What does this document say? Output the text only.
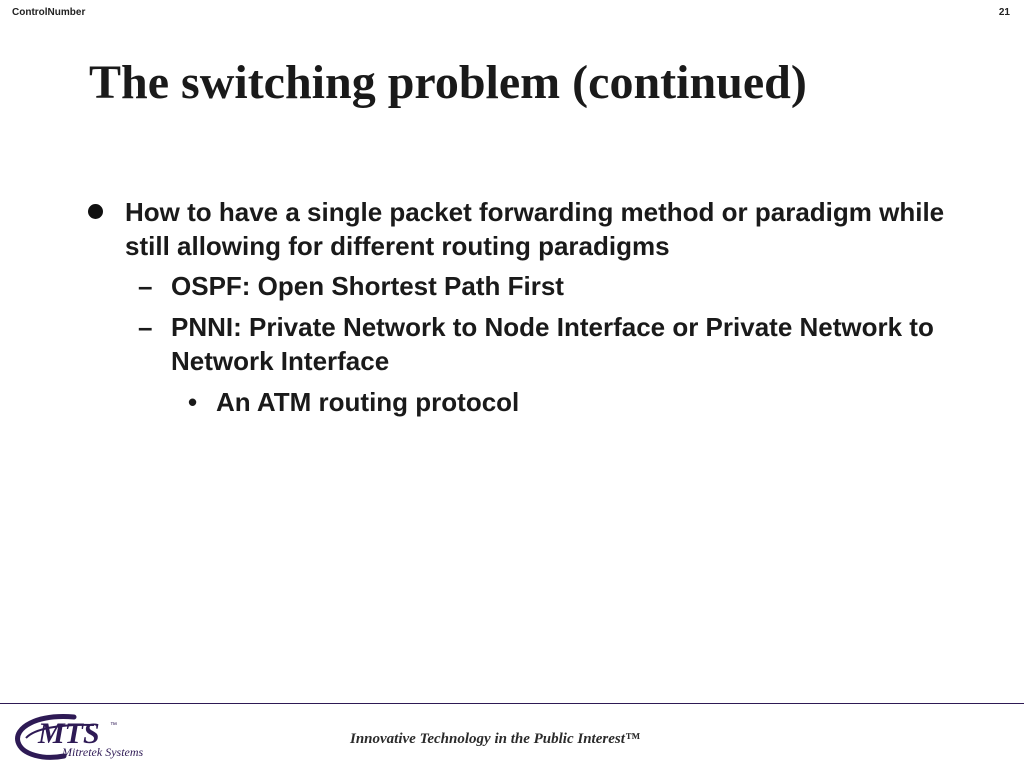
ControlNumber	21
The switching problem (continued)
How to have a single packet forwarding method or paradigm while still allowing for different routing paradigms
– OSPF: Open Shortest Path First
– PNNI: Private Network to Node Interface or Private Network to Network Interface
• An ATM routing protocol
MTS ™
Mitretek Systems
Innovative Technology in the Public Interest™
